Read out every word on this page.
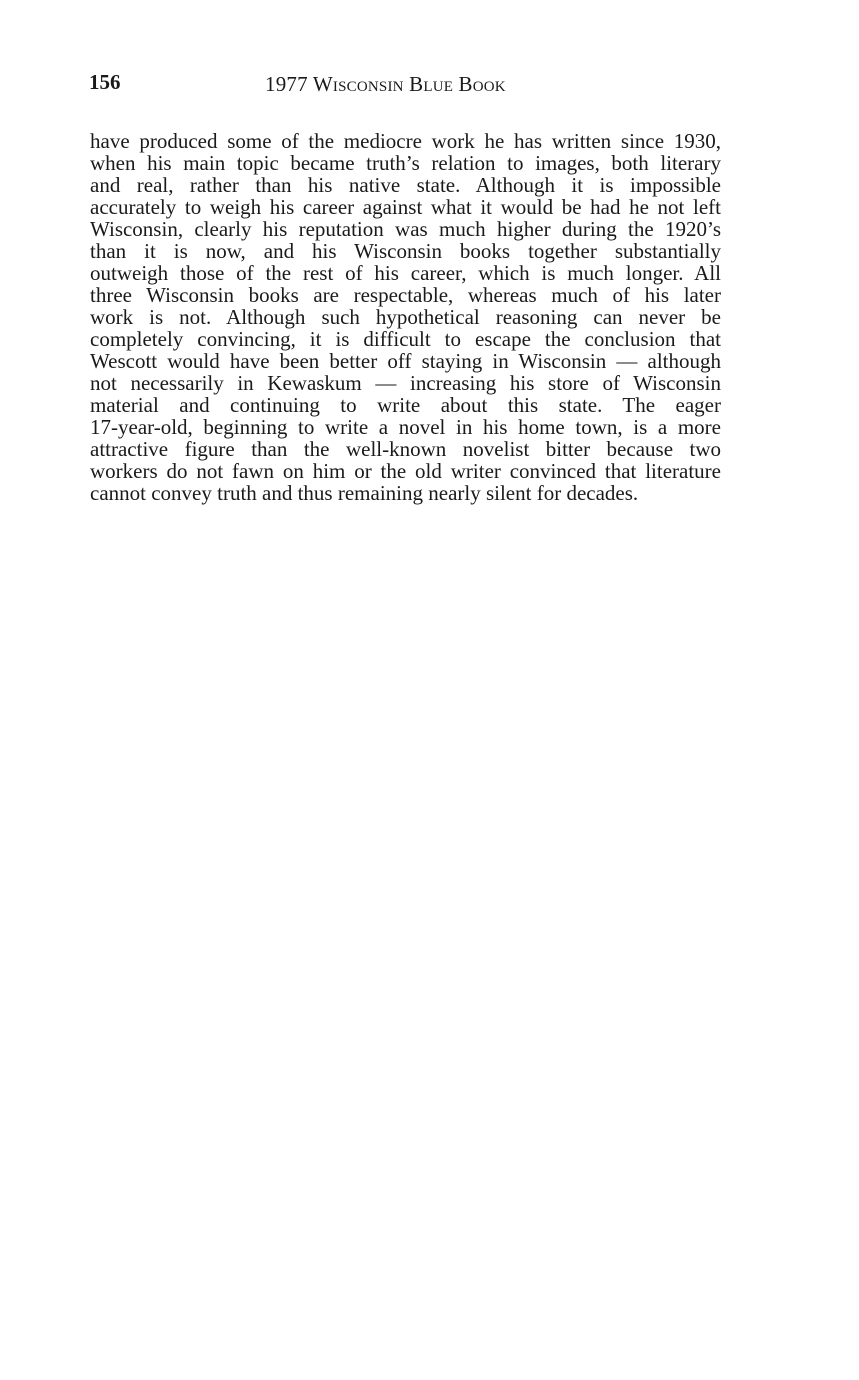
156	1977 Wisconsin Blue Book
have produced some of the mediocre work he has written since 1930,
when his main topic became truth’s relation to images, both literary
and real, rather than his native state. Although it is impossible
accurately to weigh his career against what it would be had he not left
Wisconsin, clearly his reputation was much higher during the 1920’s
than it is now, and his Wisconsin books together substantially
outweigh those of the rest of his career, which is much longer. All
three Wisconsin books are respectable, whereas much of his later
work is not. Although such hypothetical reasoning can never be
completely convincing, it is difficult to escape the conclusion that
Wescott would have been better off staying in Wisconsin — although
not necessarily in Kewaskum — increasing his store of Wisconsin
material and continuing to write about this state. The eager
17-year-old, beginning to write a novel in his home town, is a more
attractive figure than the well-known novelist bitter because two
workers do not fawn on him or the old writer convinced that literature
cannot convey truth and thus remaining nearly silent for decades.
